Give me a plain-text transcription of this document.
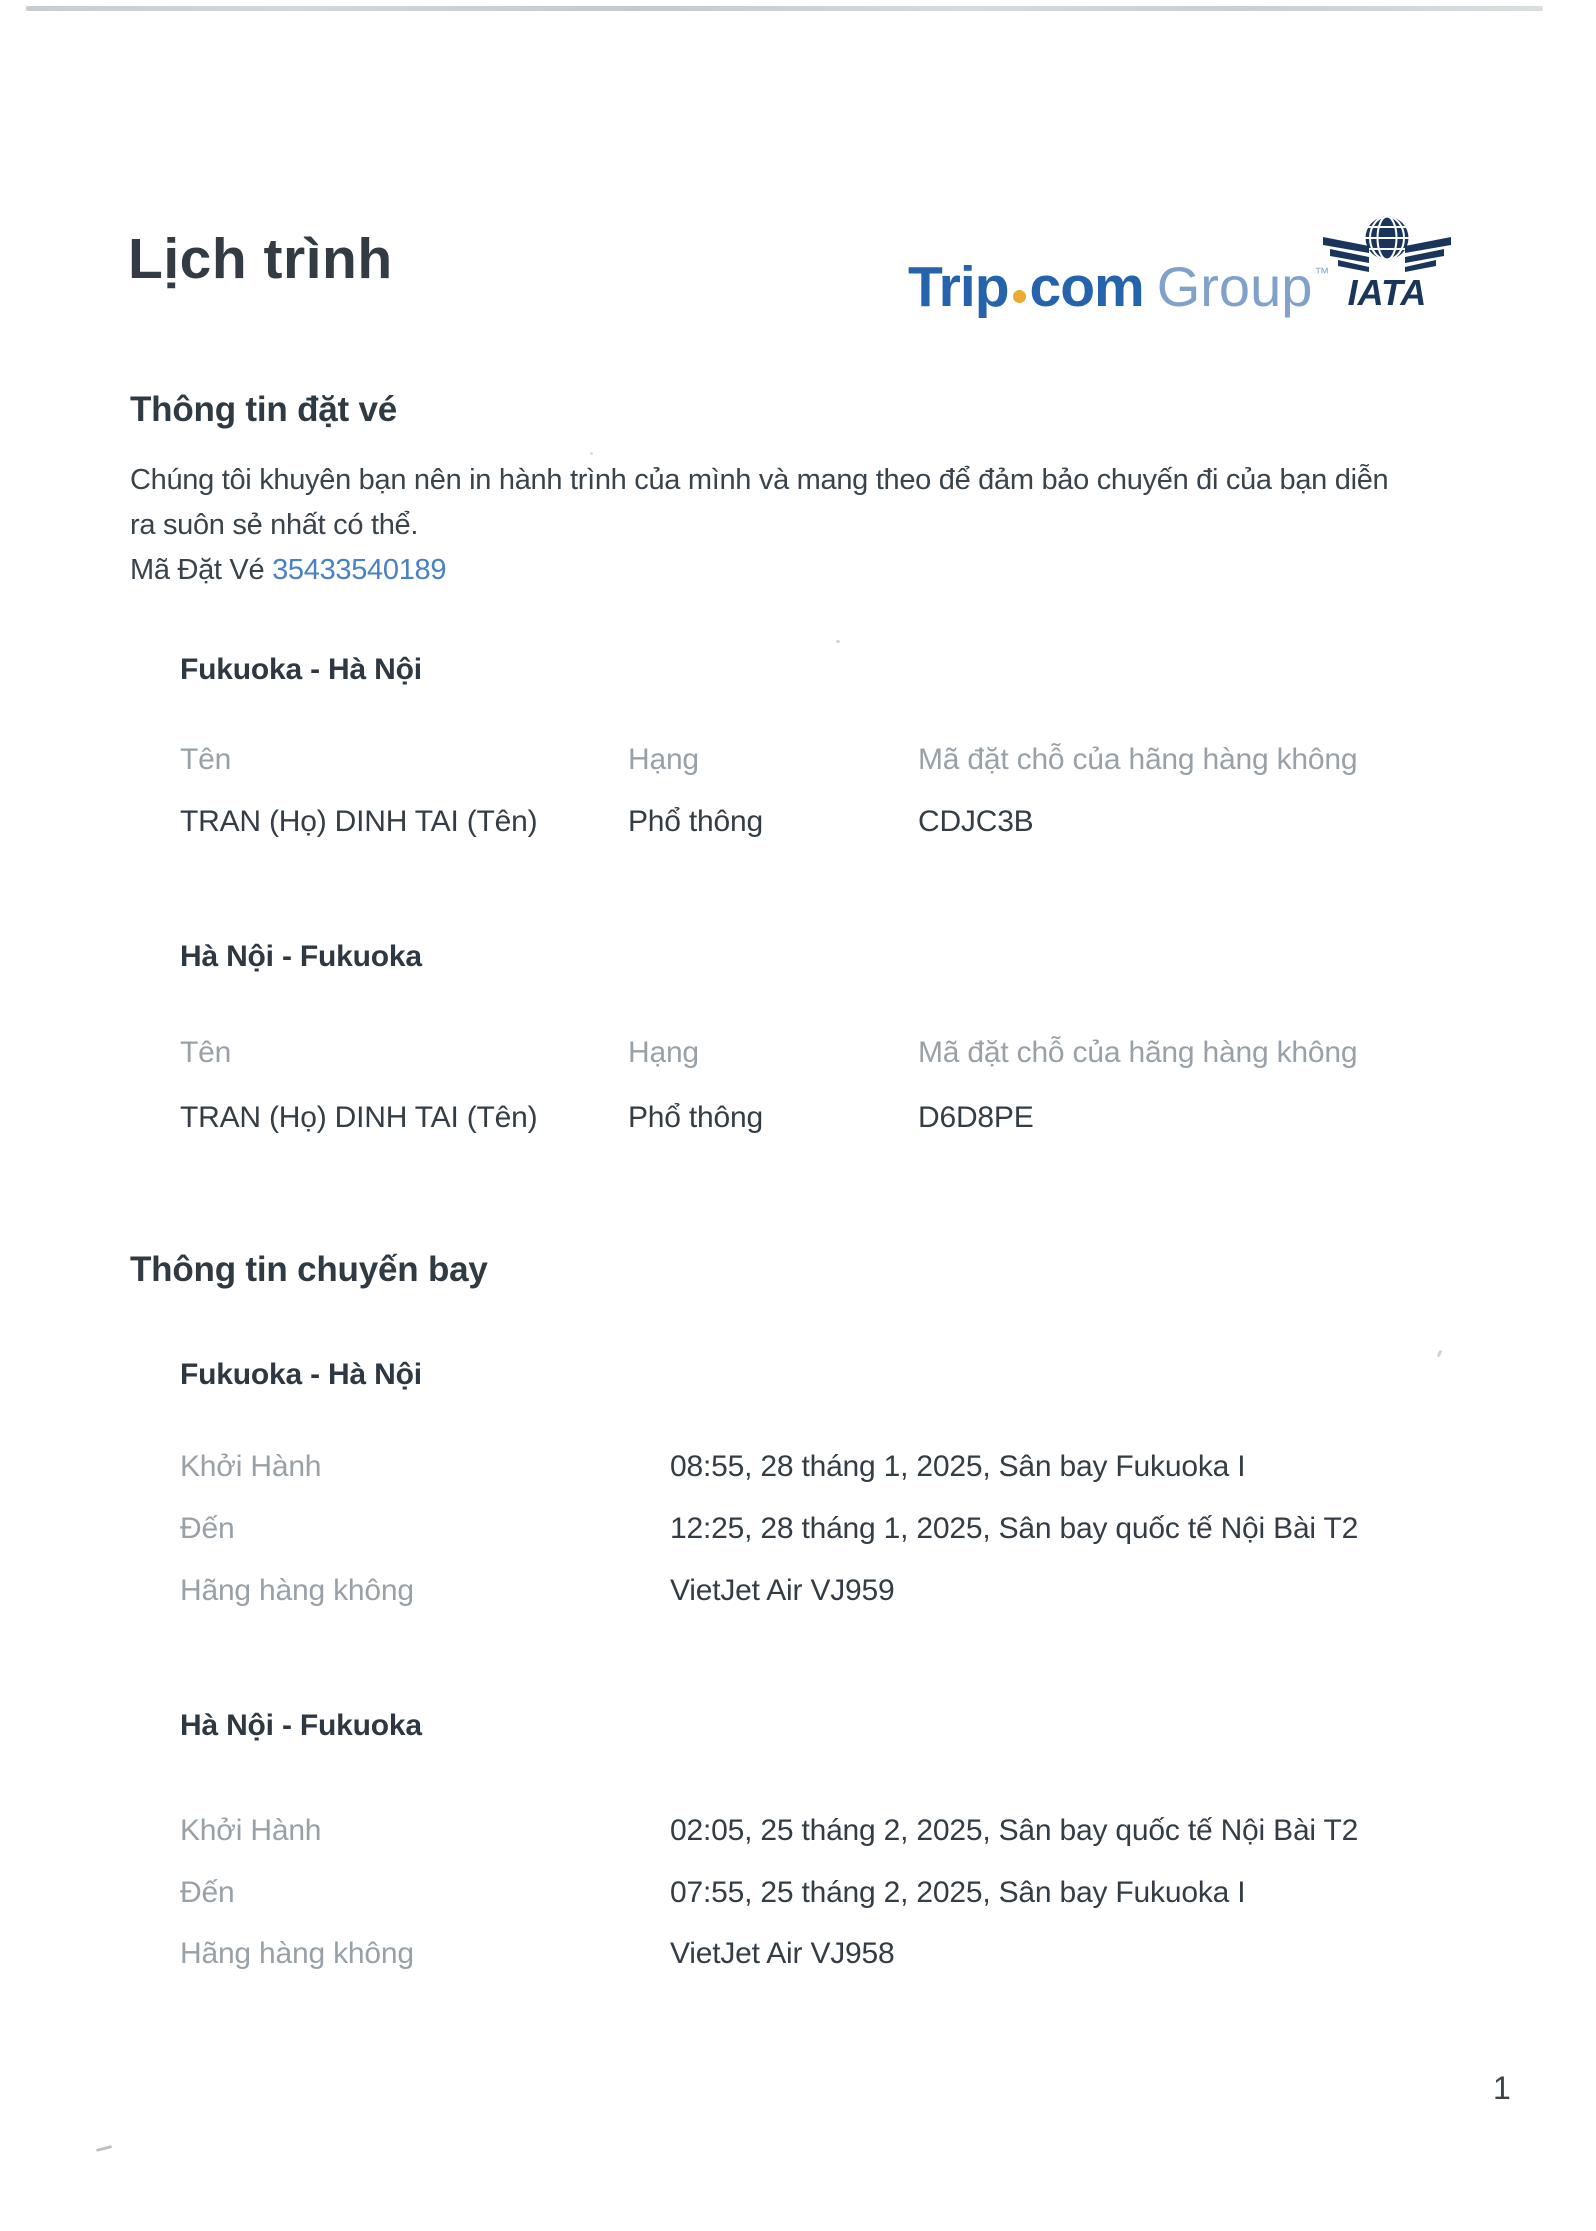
Lịch trình	Trip com Group ™ IATA
Thông tin đặt vé
Chúng tôi khuyên bạn nên in hành trình của mình và mang theo để đảm bảo chuyến đi của bạn diễn
ra suôn sẻ nhất có thể.
Mã Đặt Vé 35433540189
Fukuoka - Hà Nội
Tên	Hạng	Mã đặt chỗ của hãng hàng không
TRAN (Họ) DINH TAI (Tên)	Phổ thông	CDJC3B
Hà Nội - Fukuoka
Tên	Hạng	Mã đặt chỗ của hãng hàng không
TRAN (Họ) DINH TAI (Tên)	Phổ thông	D6D8PE
Thông tin chuyến bay
Fukuoka - Hà Nội
Khởi Hành	08:55, 28 tháng 1, 2025, Sân bay Fukuoka I
Đến	12:25, 28 tháng 1, 2025, Sân bay quốc tế Nội Bài T2
Hãng hàng không	VietJet Air VJ959
Hà Nội - Fukuoka
Khởi Hành	02:05, 25 tháng 2, 2025, Sân bay quốc tế Nội Bài T2
Đến	07:55, 25 tháng 2, 2025, Sân bay Fukuoka I
Hãng hàng không	VietJet Air VJ958
1
